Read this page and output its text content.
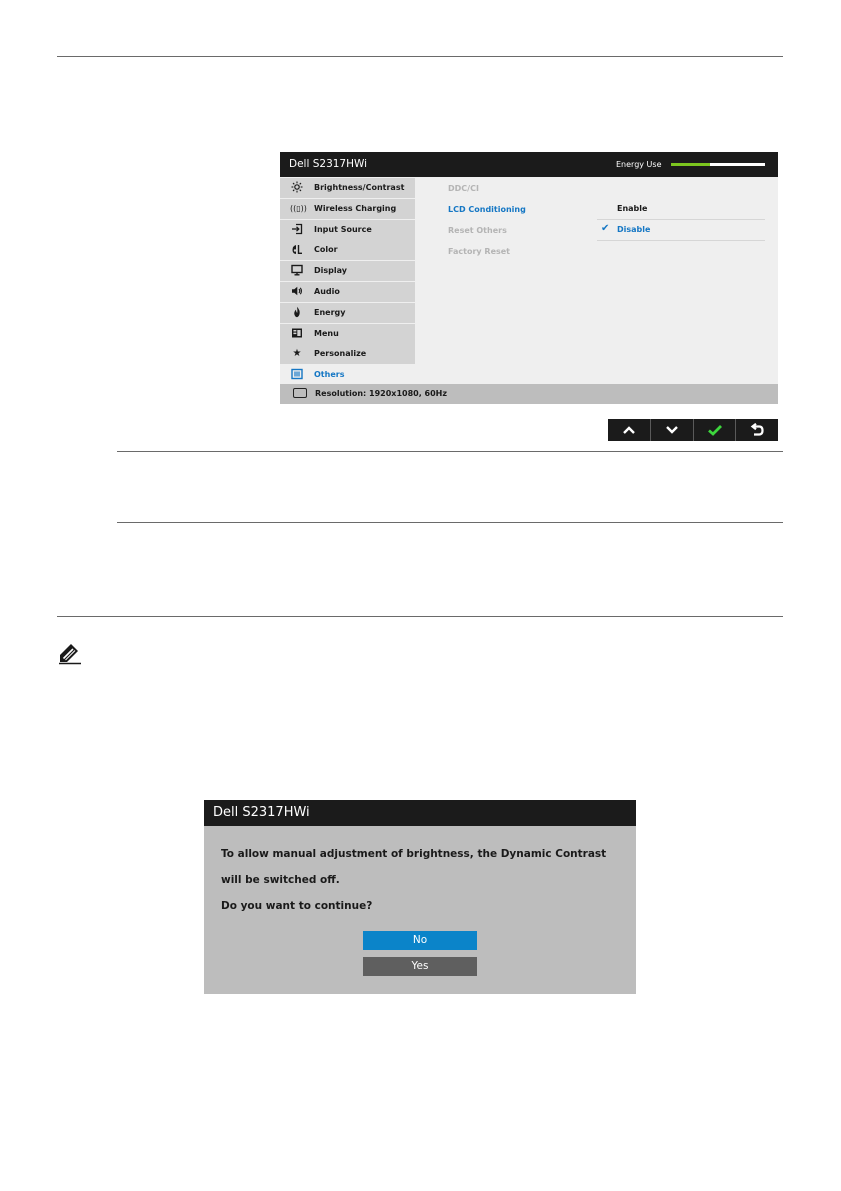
Dell S2317HWi	Energy Use
Brightness/Contrast
((▯)) Wireless Charging
Input Source
Color
Display
Audio
Energy
Menu
★	Personalize
Others
DDC/CI
LCD Conditioning
Reset Others
Factory Reset
Enable
✔ Disable
Resolution: 1920x1080, 60Hz
Dell S2317HWi
To allow manual adjustment of brightness, the Dynamic Contrast
will be switched off.
Do you want to continue?
No
Yes
